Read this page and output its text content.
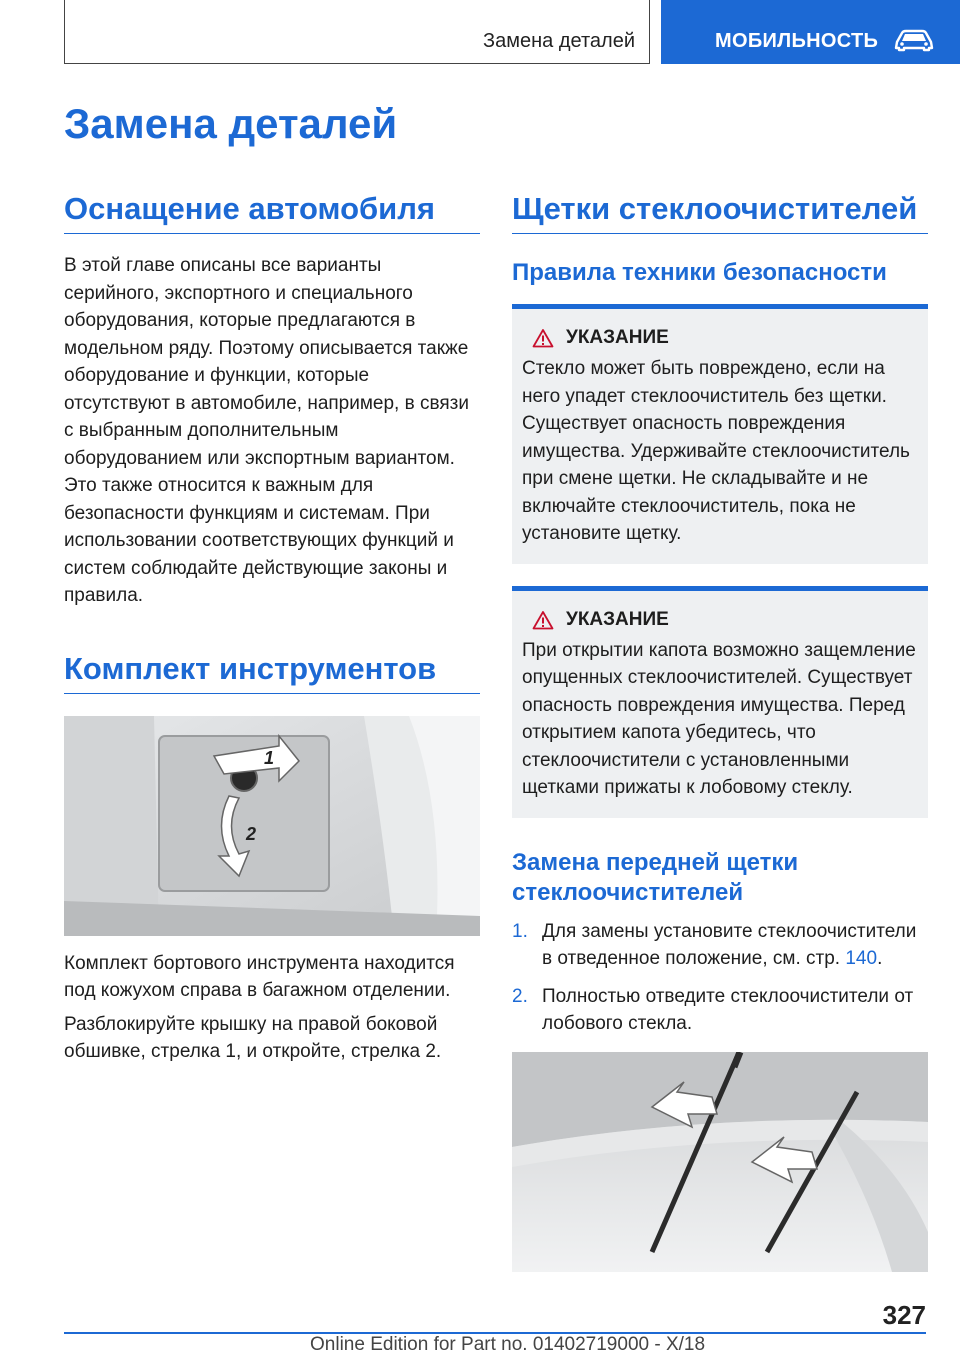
Замена деталей	МОБИЛЬНОСТЬ
Замена деталей
Оснащение автомобиля

В этой главе описаны все варианты серийного, экспортного и специального оборудования, которые предлагаются в модельном ряду. Поэтому описывается также оборудование и функции, которые отсутствуют в автомобиле, например, в связи с выбранным дополнительным оборудованием или экспортным вариантом. Это также относится к важным для безопасности функциям и системам. При использовании соответствующих функций и систем соблюдайте действующие законы и правила.

Комплект инструментов
1
2

Комплект бортового инструмента находится под кожухом справа в багажном отделении.

Разблокируйте крышку на правой боковой обшивке, стрелка 1, и откройте, стрелка 2.

Щетки стеклоочистителей
Правила техники безопасности
УКАЗАНИЕ

Стекло может быть повреждено, если на него упадет стеклоочиститель без щетки. Существует опасность повреждения имущества. Удерживайте стеклоочиститель при смене щетки. Не складывайте и не включайте стеклоочиститель, пока не установите щетку.

УКАЗАНИЕ

При открытии капота возможно защемление опущенных стеклоочистителей. Существует опасность повреждения имущества. Перед открытием капота убедитесь, что стеклоочистители с установленными щетками прижаты к лобовому стеклу.

Замена передней щетки стеклоочистителей
1. Для замены установите стеклоочистители в отведенное положение, см. стр. 140.
2. Полностью отведите стеклоочистители от лобового стекла.
327
Online Edition for Part no. 01402719000 - X/18
